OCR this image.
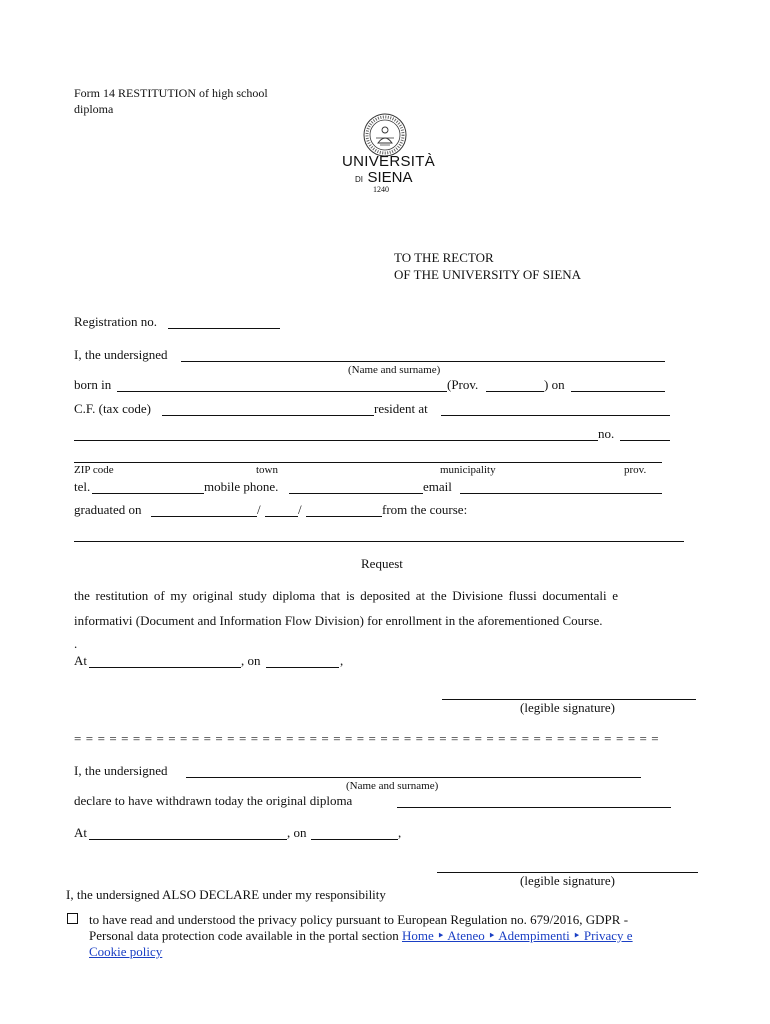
Form 14 RESTITUTION of high school
diploma
UNIVERSITÀ
DI SIENA
1240
TO THE RECTOR
OF THE UNIVERSITY OF SIENA
Registration no.
I, the undersigned
(Name and surname)
born in	(Prov.	) on
C.F. (tax code)	resident at
no.
ZIP code	town	municipality	prov.
tel.	mobile phone.	email
graduated on	/	/	from the course:
Request
the restitution of my original study diploma that is deposited at the Divisione flussi documentali e
informativi (Document and Information Flow Division) for enrollment in the aforementioned Course.
.
At	, on	,
(legible signature)
= = = = = = = = = = = = = = = = = = = = = = = = = = = = = = = = = = = = = = = = = = = = = = = = = =
I, the undersigned
(Name and surname)
declare to have withdrawn today the original diploma
At	, on	,
(legible signature)
I, the undersigned ALSO DECLARE under my responsibility
to have read and understood the privacy policy pursuant to European Regulation no. 679/2016, GDPR -
Personal data protection code available in the portal section Home ‣ Ateneo ‣ Adempimenti ‣ Privacy e
Cookie policy
